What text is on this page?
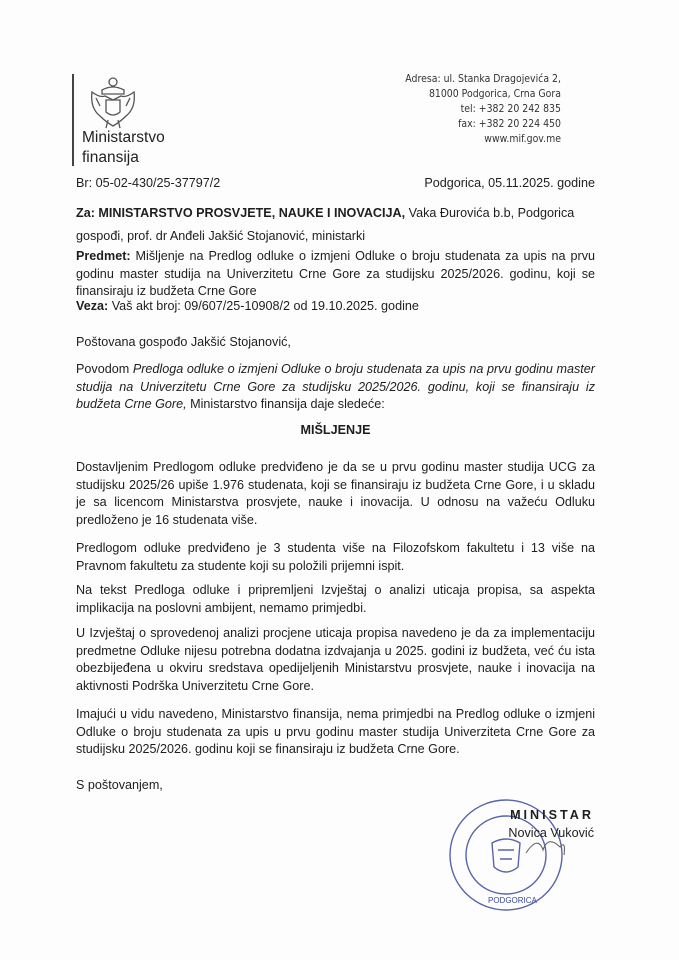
Ministarstvo
finansija
Adresa: ul. Stanka Dragojevića 2,
81000 Podgorica, Crna Gora
tel: +382 20 242 835
fax: +382 20 224 450
www.mif.gov.me
Br: 05-02-430/25-37797/2	Podgorica, 05.11.2025. godine
Za: MINISTARSTVO PROSVJETE, NAUKE I INOVACIJA, Vaka Đurovića b.b, Podgorica
gospođi, prof. dr Anđeli Jakšić Stojanović, ministarki
Predmet: Mišljenje na Predlog odluke o izmjeni Odluke o broju studenata za upis na prvu godinu master studija na Univerzitetu Crne Gore za studijsku 2025/2026. godinu, koji se finansiraju iz budžeta Crne Gore
Veza: Vaš akt broj: 09/607/25-10908/2 od 19.10.2025. godine
Poštovana gospođo Jakšić Stojanović,
Povodom Predloga odluke o izmjeni Odluke o broju studenata za upis na prvu godinu master studija na Univerzitetu Crne Gore za studijsku 2025/2026. godinu, koji se finansiraju iz budžeta Crne Gore, Ministarstvo finansija daje sledeće:
MIŠLJENJE
Dostavljenim Predlogom odluke predviđeno je da se u prvu godinu master studija UCG za studijsku 2025/26 upiše 1.976 studenata, koji se finansiraju iz budžeta Crne Gore, i u skladu je sa licencom Ministarstva prosvjete, nauke i inovacija. U odnosu na važeću Odluku predloženo je 16 studenata više.
Predlogom odluke predviđeno je 3 studenta više na Filozofskom fakultetu i 13 više na Pravnom fakultetu za studente koji su položili prijemni ispit.
Na tekst Predloga odluke i pripremljeni Izvještaj o analizi uticaja propisa, sa aspekta implikacija na poslovni ambijent, nemamo primjedbi.
U Izvještaj o sprovedenoj analizi procjene uticaja propisa navedeno je da za implementaciju predmetne Odluke nijesu potrebna dodatna izdvajanja u 2025. godini iz budžeta, već ću ista obezbijeđena u okviru sredstava opedijeljenih Ministarstvu prosvjete, nauke i inovacija na aktivnosti Podrška Univerzitetu Crne Gore.
Imajući u vidu navedeno, Ministarstvo finansija, nema primjedbi na Predlog odluke o izmjeni Odluke o broju studenata za upis u prvu godinu master studija Univerziteta Crne Gore za studijsku 2025/2026. godinu koji se finansiraju iz budžeta Crne Gore.
S poštovanjem,
PODGORICA
MINISTAR
Novica Vuković
